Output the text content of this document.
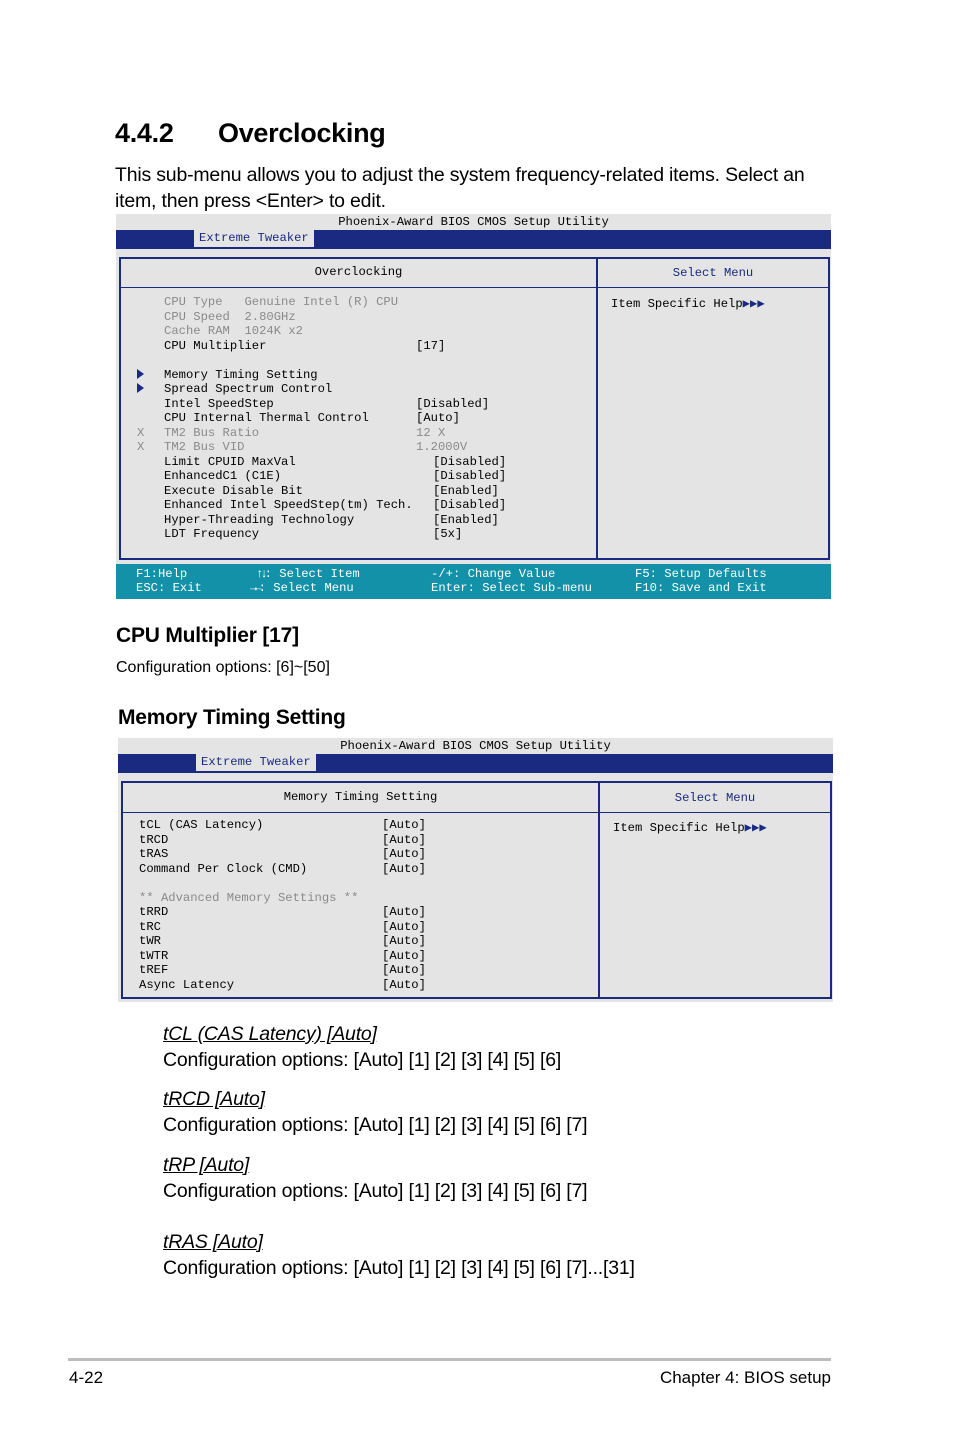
4.4.2 Overclocking
This sub-menu allows you to adjust the system frequency-related items. Select an item, then press <Enter> to edit.
Phoenix-Award BIOS CMOS Setup Utility
Extreme Tweaker
Overclocking	Select Menu
Item Specific Help▶▶▶
CPU Type   Genuine Intel (R) CPU
CPU Speed  2.80GHz
Cache RAM  1024K x2
CPU Multiplier	[17]
Memory Timing Setting
Spread Spectrum Control
Intel SpeedStep	[Disabled]
CPU Internal Thermal Control	[Auto]
X TM2 Bus Ratio	12 X
X TM2 Bus VID	1.2000V
Limit CPUID MaxVal	[Disabled]
EnhancedC1 (C1E)	[Disabled]
Execute Disable Bit	[Enabled]
Enhanced Intel SpeedStep(tm) Tech. [Disabled]
Hyper-Threading Technology	[Enabled]
LDT Frequency	[5x]
F1:Help
ESC: Exit
↑↓: Select Item
→←: Select Menu
-/+: Change Value
Enter: Select Sub-menu
F5: Setup Defaults
F10: Save and Exit
CPU Multiplier [17]
Configuration options: [6]~[50]
Memory Timing Setting
Phoenix-Award BIOS CMOS Setup Utility
Extreme Tweaker
Memory Timing Setting	Select Menu
Item Specific Help▶▶▶
tCL (CAS Latency)	[Auto]
tRCD	[Auto]
tRAS	[Auto]
Command Per Clock (CMD)	[Auto]
** Advanced Memory Settings **
tRRD	[Auto]
tRC	[Auto]
tWR	[Auto]
tWTR	[Auto]
tREF	[Auto]
Async Latency	[Auto]
tCL (CAS Latency) [Auto]
Configuration options: [Auto] [1] [2] [3] [4] [5] [6]
tRCD [Auto]
Configuration options: [Auto] [1] [2] [3] [4] [5] [6] [7]
tRP [Auto]
Configuration options: [Auto] [1] [2] [3] [4] [5] [6] [7]
tRAS [Auto]
Configuration options: [Auto] [1] [2] [3] [4] [5] [6] [7]...[31]
4-22	Chapter 4: BIOS setup
